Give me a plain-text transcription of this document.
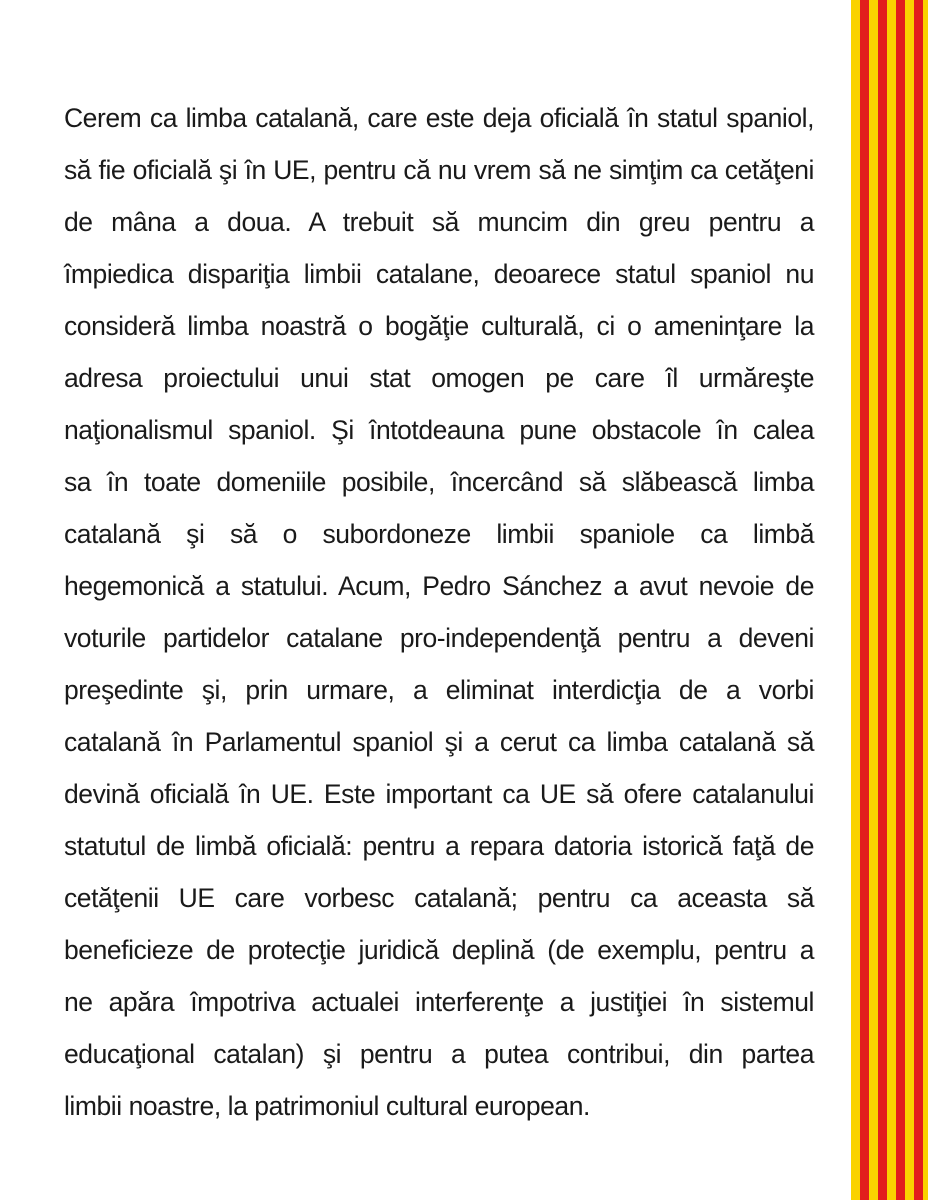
Cerem ca limba catalană, care este deja oficială în statul spaniol,
să fie oficială şi în UE, pentru că nu vrem să ne simţim ca cetăţeni
de mâna a doua. A trebuit să muncim din greu pentru a
împiedica dispariţia limbii catalane, deoarece statul spaniol nu
consideră limba noastră o bogăţie culturală, ci o ameninţare la
adresa proiectului unui stat omogen pe care îl urmăreşte
naţionalismul spaniol. Şi întotdeauna pune obstacole în calea
sa în toate domeniile posibile, încercând să slăbească limba
catalană şi să o subordoneze limbii spaniole ca limbă
hegemonică a statului. Acum, Pedro Sánchez a avut nevoie de
voturile partidelor catalane pro-independenţă pentru a deveni
preşedinte şi, prin urmare, a eliminat interdicţia de a vorbi
catalană în Parlamentul spaniol şi a cerut ca limba catalană să
devină oficială în UE. Este important ca UE să ofere catalanului
statutul de limbă oficială: pentru a repara datoria istorică faţă de
cetăţenii UE care vorbesc catalană; pentru ca aceasta să
beneficieze de protecţie juridică deplină (de exemplu, pentru a
ne apăra împotriva actualei interferenţe a justiţiei în sistemul
educaţional catalan) şi pentru a putea contribui, din partea
limbii noastre, la patrimoniul cultural european.
